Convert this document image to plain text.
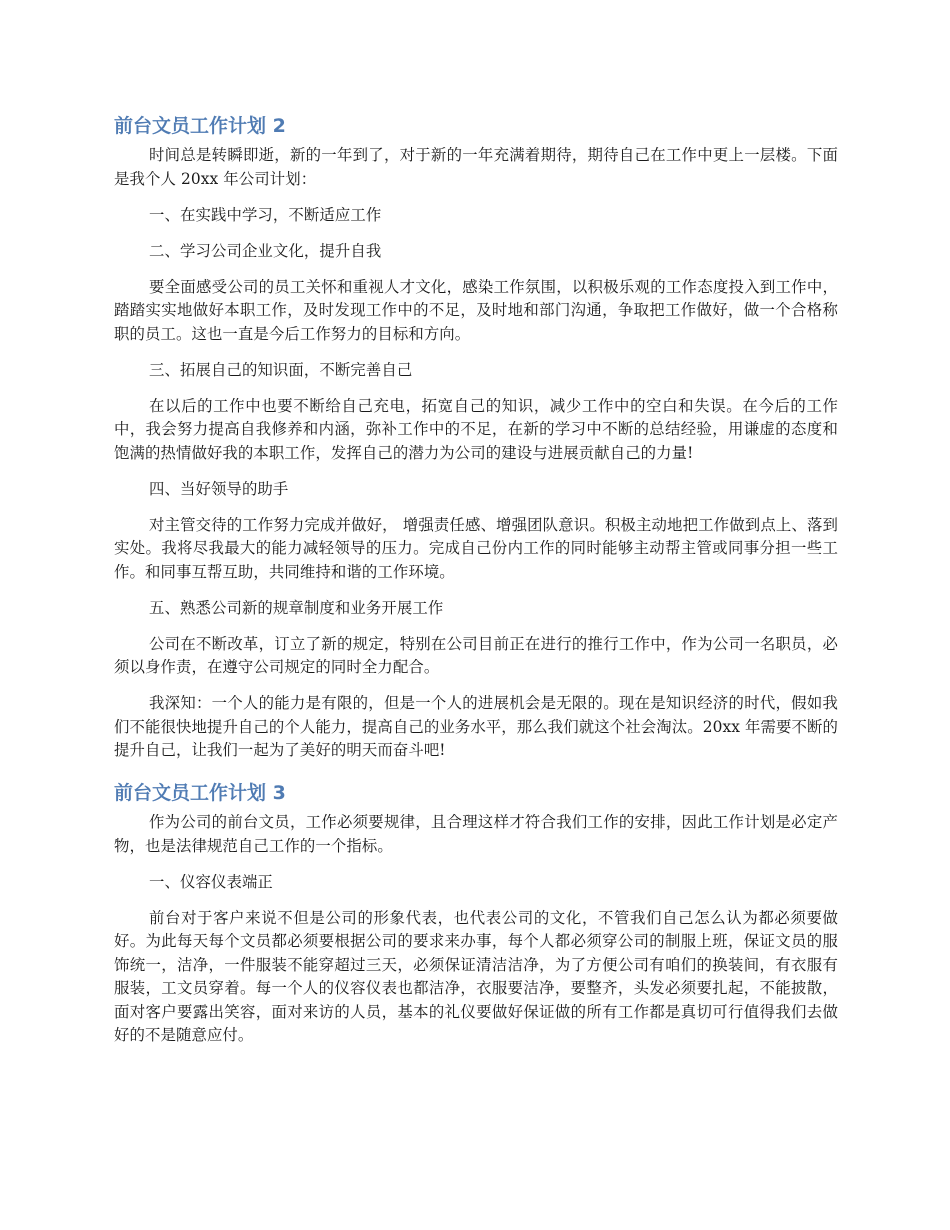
前台文员工作计划 2

时间总是转瞬即逝，新的一年到了，对于新的一年充满着期待，期待自己在工作中更上一层楼。下面是我个人 20xx 年公司计划：

一、在实践中学习，不断适应工作

二、学习公司企业文化，提升自我

要全面感受公司的员工关怀和重视人才文化，感染工作氛围，以积极乐观的工作态度投入到工作中，踏踏实实地做好本职工作，及时发现工作中的不足，及时地和部门沟通，争取把工作做好，做一个合格称职的员工。这也一直是今后工作努力的目标和方向。

三、拓展自己的知识面，不断完善自己

在以后的工作中也要不断给自己充电，拓宽自己的知识，减少工作中的空白和失误。在今后的工作中，我会努力提高自我修养和内涵，弥补工作中的不足，在新的学习中不断的总结经验，用谦虚的态度和饱满的热情做好我的本职工作，发挥自己的潜力为公司的建设与进展贡献自己的力量!

四、当好领导的助手

对主管交待的工作努力完成并做好， 增强责任感、增强团队意识。积极主动地把工作做到点上、落到实处。我将尽我最大的能力减轻领导的压力。完成自己份内工作的同时能够主动帮主管或同事分担一些工作。和同事互帮互助，共同维持和谐的工作环境。

五、熟悉公司新的规章制度和业务开展工作

公司在不断改革，订立了新的规定，特别在公司目前正在进行的推行工作中，作为公司一名职员，必须以身作责，在遵守公司规定的同时全力配合。

我深知：一个人的能力是有限的，但是一个人的进展机会是无限的。现在是知识经济的时代，假如我们不能很快地提升自己的个人能力，提高自己的业务水平，那么我们就这个社会淘汰。20xx 年需要不断的提升自己，让我们一起为了美好的明天而奋斗吧!

前台文员工作计划 3

作为公司的前台文员，工作必须要规律，且合理这样才符合我们工作的安排，因此工作计划是必定产物，也是法律规范自己工作的一个指标。

一、仪容仪表端正

前台对于客户来说不但是公司的形象代表，也代表公司的文化，不管我们自己怎么认为都必须要做好。为此每天每个文员都必须要根据公司的要求来办事，每个人都必须穿公司的制服上班，保证文员的服饰统一，洁净，一件服装不能穿超过三天，必须保证清洁洁净，为了方便公司有咱们的换装间，有衣服有服装，工文员穿着。每一个人的仪容仪表也都洁净，衣服要洁净，要整齐，头发必须要扎起，不能披散，面对客户要露出笑容，面对来访的人员，基本的礼仪要做好保证做的所有工作都是真切可行值得我们去做好的不是随意应付。
